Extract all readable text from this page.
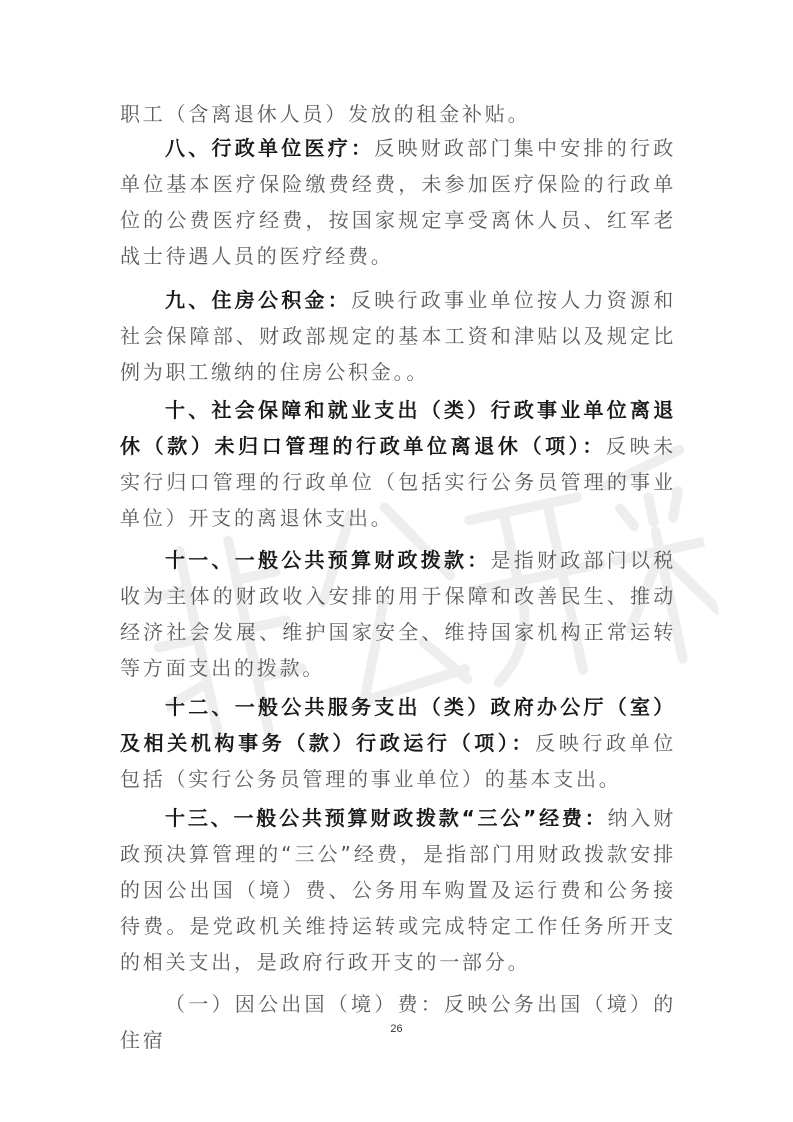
职工（含离退休人员）发放的租金补贴。

八、行政单位医疗：反映财政部门集中安排的行政单位基本医疗保险缴费经费，未参加医疗保险的行政单位的公费医疗经费，按国家规定享受离休人员、红军老战士待遇人员的医疗经费。

九、住房公积金：反映行政事业单位按人力资源和社会保障部、财政部规定的基本工资和津贴以及规定比例为职工缴纳的住房公积金。。

十、社会保障和就业支出（类）行政事业单位离退休（款）未归口管理的行政单位离退休（项）：反映未实行归口管理的行政单位（包括实行公务员管理的事业单位）开支的离退休支出。

十一、一般公共预算财政拨款：是指财政部门以税收为主体的财政收入安排的用于保障和改善民生、推动经济社会发展、维护国家安全、维持国家机构正常运转等方面支出的拨款。

十二、一般公共服务支出（类）政府办公厅（室）及相关机构事务（款）行政运行（项）：反映行政单位包括（实行公务员管理的事业单位）的基本支出。

十三、一般公共预算财政拨款“三公”经费：纳入财政预决算管理的“三公”经费，是指部门用财政拨款安排的因公出国（境）费、公务用车购置及运行费和公务接待费。是党政机关维持运转或完成特定工作任务所开支的相关支出，是政府行政开支的一部分。

（一）因公出国（境）费：反映公务出国（境）的住宿	26
